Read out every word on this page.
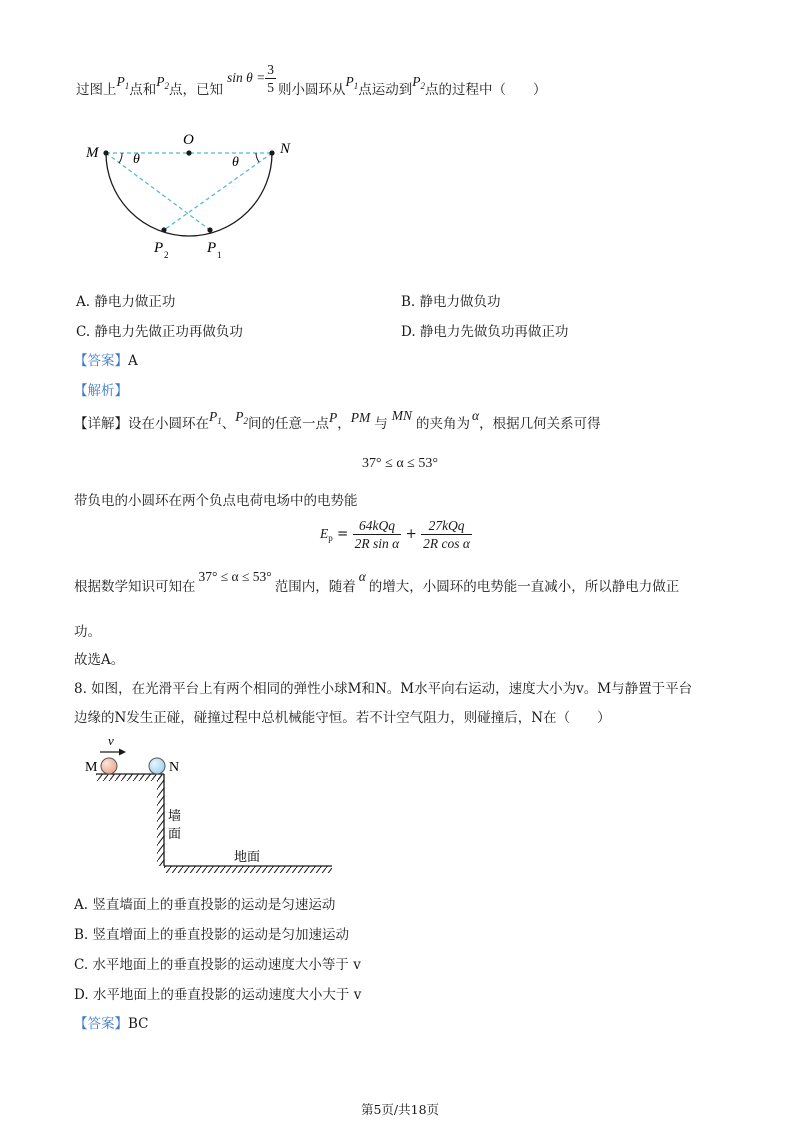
过图上$P_1$点和$P_2$点，已知$\sin \theta = \frac{3}{5}$ 则小圆环从$P_1$点运动到$P_2$点的过程中（　　）
M
O
N
θ	θ
P 2	P 1
A. 静电力做正功	B. 静电力做负功
C. 静电力先做正功再做负功	D. 静电力先做负功再做正功
【答案】A
【解析】
【详解】设在小圆环在$P_1$、$P_2$间的任意一点P，PM 与MN的夹角为α，根据几何关系可得
37° ≤ α ≤ 53°
带负电的小圆环在两个负点电荷电场中的电势能
$E_p = \frac{\text{64kQq}}{\text{2R sin α}} + \frac{\text{27kQq}}{\text{2R cos α}}$
根据数学知识可知在37° ≤ α ≤ 53°范围内，随着α的增大，小圆环的电势能一直减小，所以静电力做正
功。
故选A。
8. 如图，在光滑平台上有两个相同的弹性小球M和N。M水平向右运动，速度大小为v。M与静置于平台
边缘的N发生正碰，碰撞过程中总机械能守恒。若不计空气阻力，则碰撞后，N在（　　）
v
M	N
墙
面
地面
A. 竖直墙面上的垂直投影的运动是匀速运动
B. 竖直增面上的垂直投影的运动是匀加速运动
C. 水平地面上的垂直投影的运动速度大小等于 v
D. 水平地面上的垂直投影的运动速度大小大于 v
【答案】BC
第5页/共18页
